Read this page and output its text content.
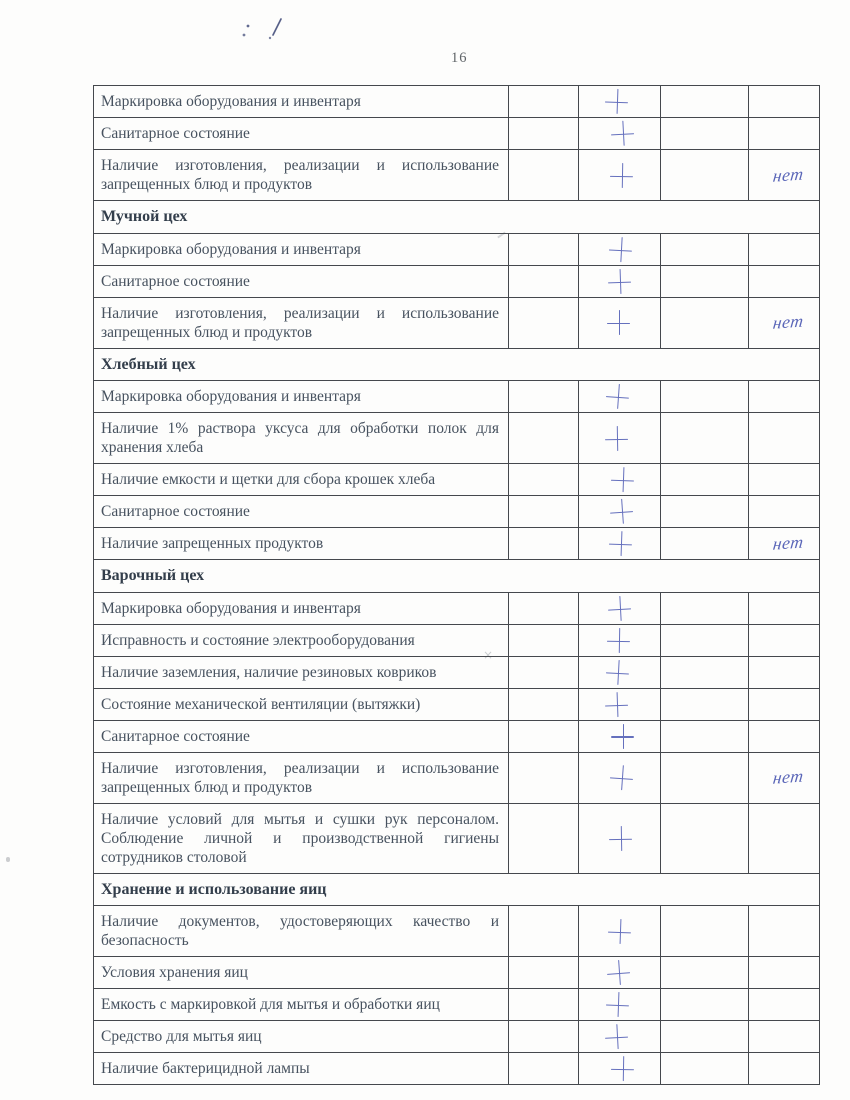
16
×
Маркировка оборудования и инвентаря
Санитарное состояние
Наличие изготовления, реализации и использование запрещенных блюд и продуктов	нет
Мучной цех
Маркировка оборудования и инвентаря
Санитарное состояние
Наличие изготовления, реализации и использование запрещенных блюд и продуктов	нет
Хлебный цех
Маркировка оборудования и инвентаря
Наличие 1% раствора уксуса для обработки полок для хранения хлеба
Наличие емкости и щетки для сбора крошек хлеба
Санитарное состояние
Наличие запрещенных продуктов	нет
Варочный цех
Маркировка оборудования и инвентаря
Исправность и состояние электрооборудования
Наличие заземления, наличие резиновых ковриков
Состояние механической вентиляции (вытяжки)
Санитарное состояние
Наличие изготовления, реализации и использование запрещенных блюд и продуктов	нет
Наличие условий для мытья и сушки рук персоналом. Соблюдение личной и производственной гигиены сотрудников столовой
Хранение и использование яиц
Наличие документов, удостоверяющих качество и безопасность
Условия хранения яиц
Емкость с маркировкой для мытья и обработки яиц
Средство для мытья яиц
Наличие бактерицидной лампы
